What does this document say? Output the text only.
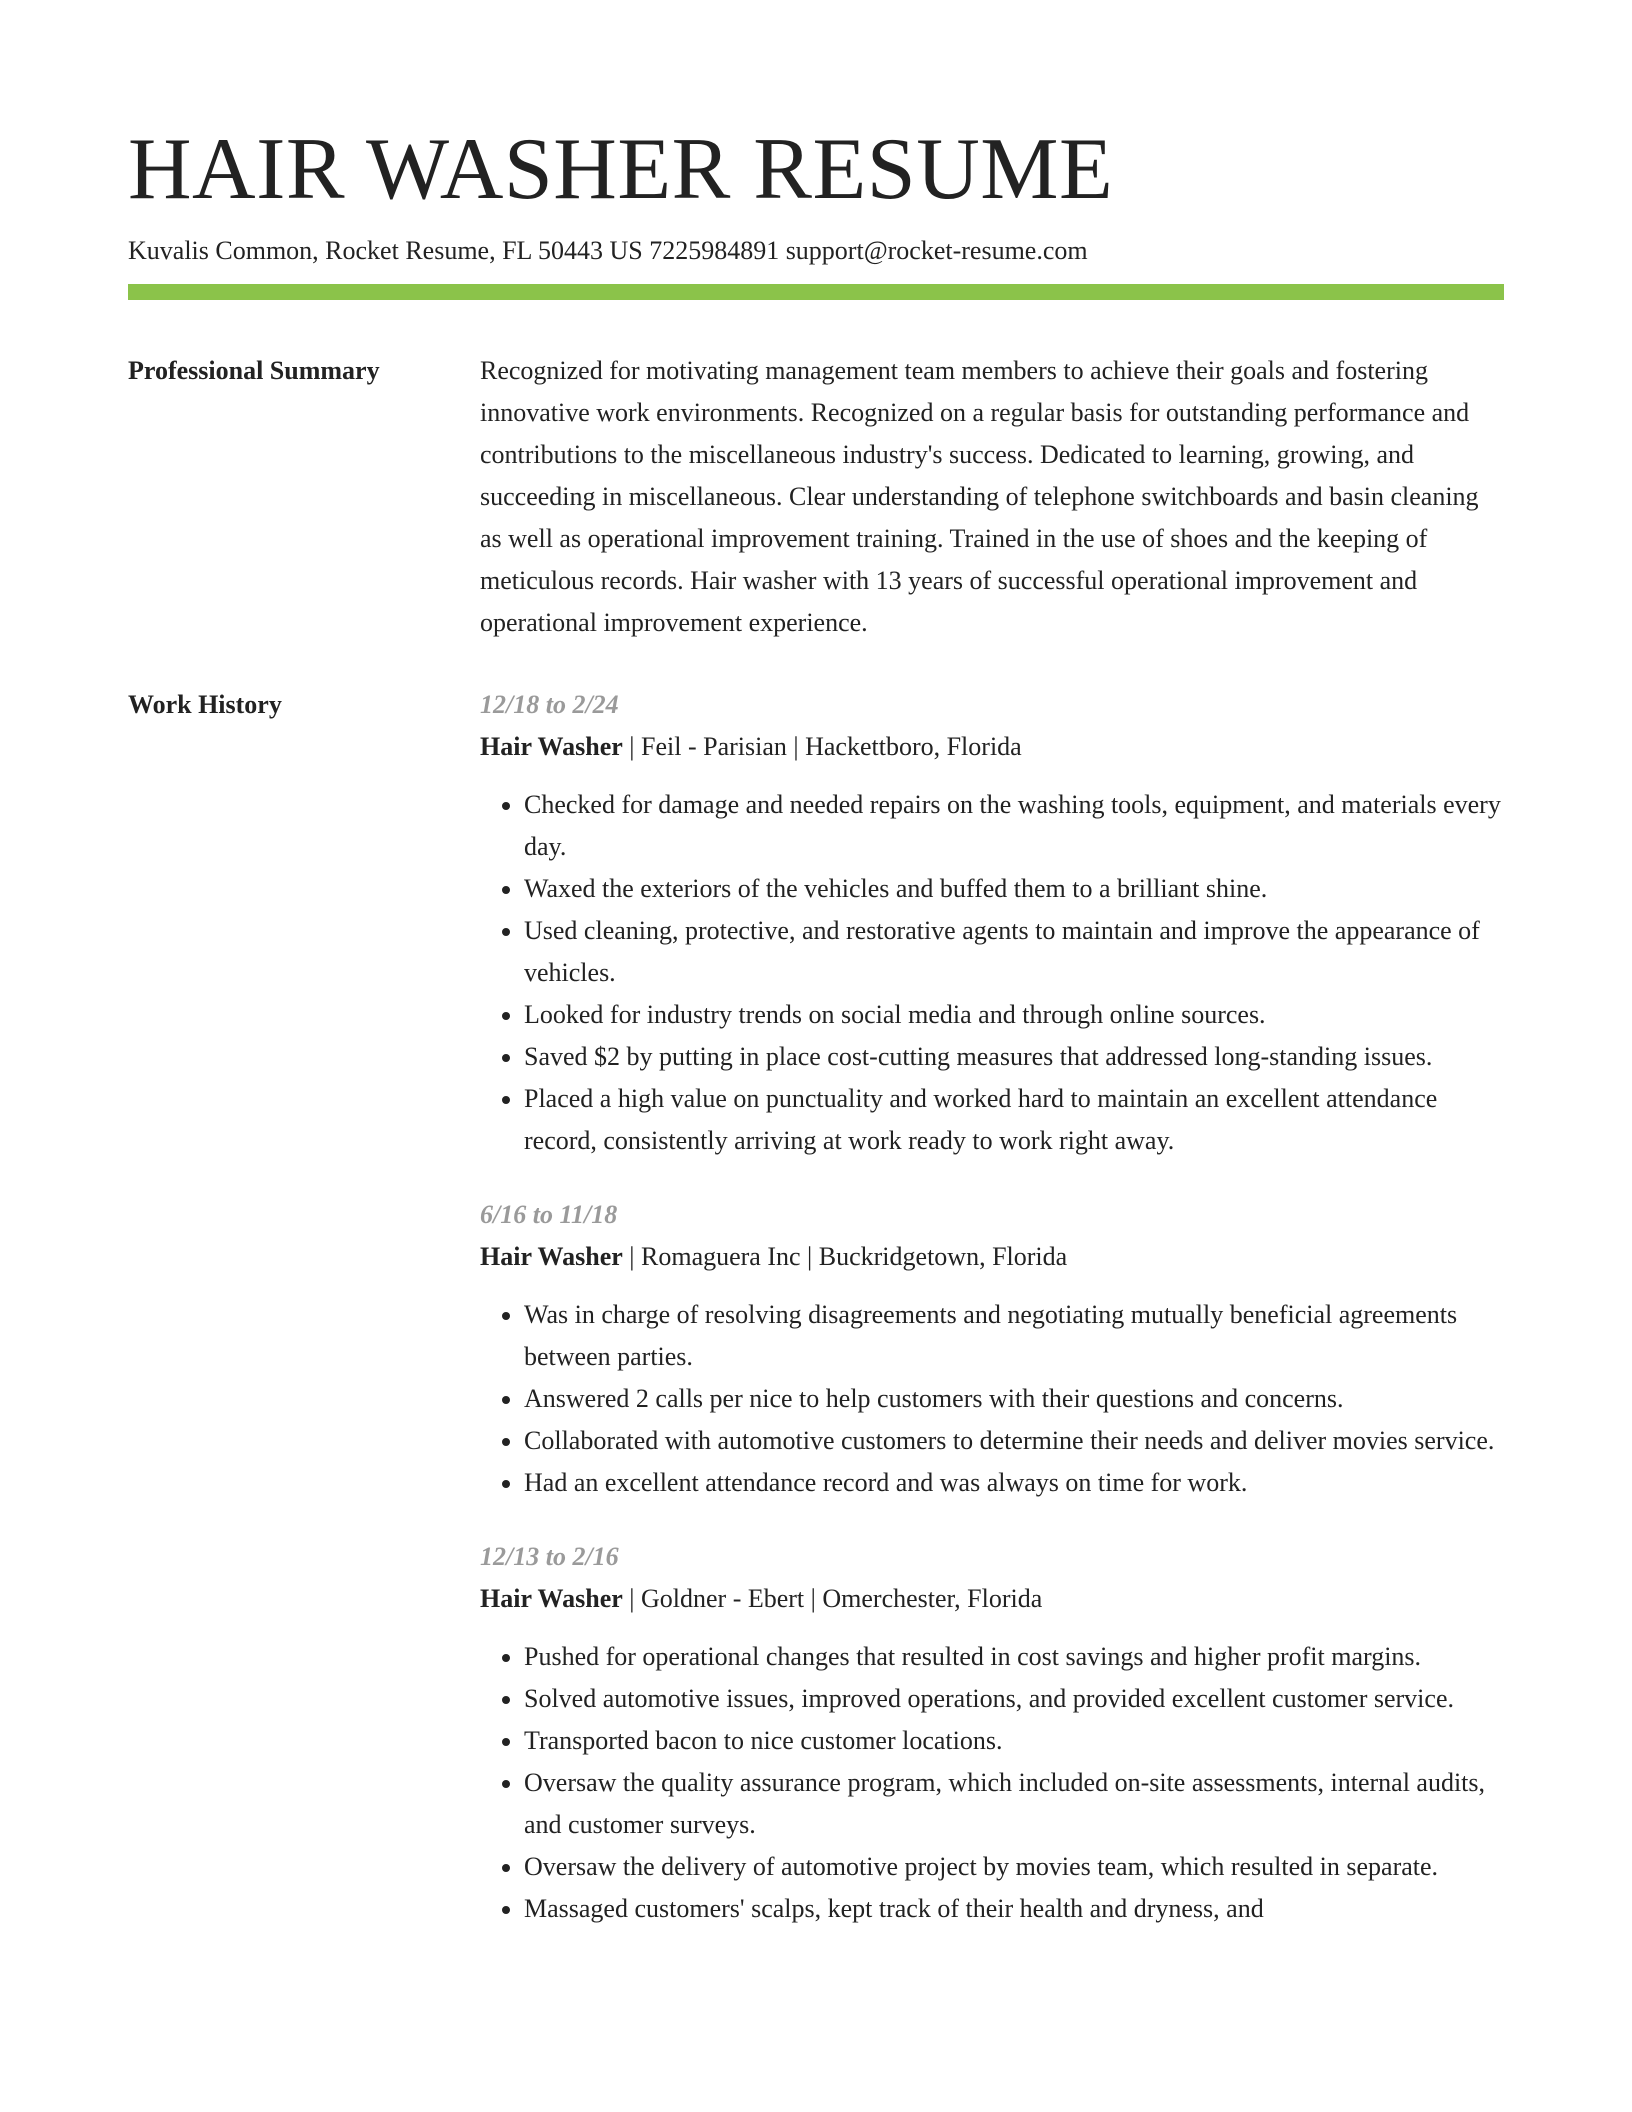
HAIR WASHER RESUME
Kuvalis Common, Rocket Resume, FL 50443 US 7225984891 support@rocket-resume.com
Professional Summary	Recognized for motivating management team members to achieve their goals and fostering innovative work environments. Recognized on a regular basis for outstanding performance and contributions to the miscellaneous industry's success. Dedicated to learning, growing, and succeeding in miscellaneous. Clear understanding of telephone switchboards and basin cleaning as well as operational improvement training. Trained in the use of shoes and the keeping of meticulous records. Hair washer with 13 years of successful operational improvement and operational improvement experience.

Work History	12/18 to 2/24
Hair Washer | Feil - Parisian | Hackettboro, Florida
• Checked for damage and needed repairs on the washing tools, equipment, and materials every day.
• Waxed the exteriors of the vehicles and buffed them to a brilliant shine.
• Used cleaning, protective, and restorative agents to maintain and improve the appearance of vehicles.
• Looked for industry trends on social media and through online sources.
• Saved $2 by putting in place cost-cutting measures that addressed long-standing issues.
• Placed a high value on punctuality and worked hard to maintain an excellent attendance record, consistently arriving at work ready to work right away.
6/16 to 11/18
Hair Washer | Romaguera Inc | Buckridgetown, Florida
• Was in charge of resolving disagreements and negotiating mutually beneficial agreements between parties.
• Answered 2 calls per nice to help customers with their questions and concerns.
• Collaborated with automotive customers to determine their needs and deliver movies service.
• Had an excellent attendance record and was always on time for work.
12/13 to 2/16
Hair Washer | Goldner - Ebert | Omerchester, Florida
• Pushed for operational changes that resulted in cost savings and higher profit margins.
• Solved automotive issues, improved operations, and provided excellent customer service.
• Transported bacon to nice customer locations.
• Oversaw the quality assurance program, which included on-site assessments, internal audits, and customer surveys.
• Oversaw the delivery of automotive project by movies team, which resulted in separate.
• Massaged customers' scalps, kept track of their health and dryness, and
